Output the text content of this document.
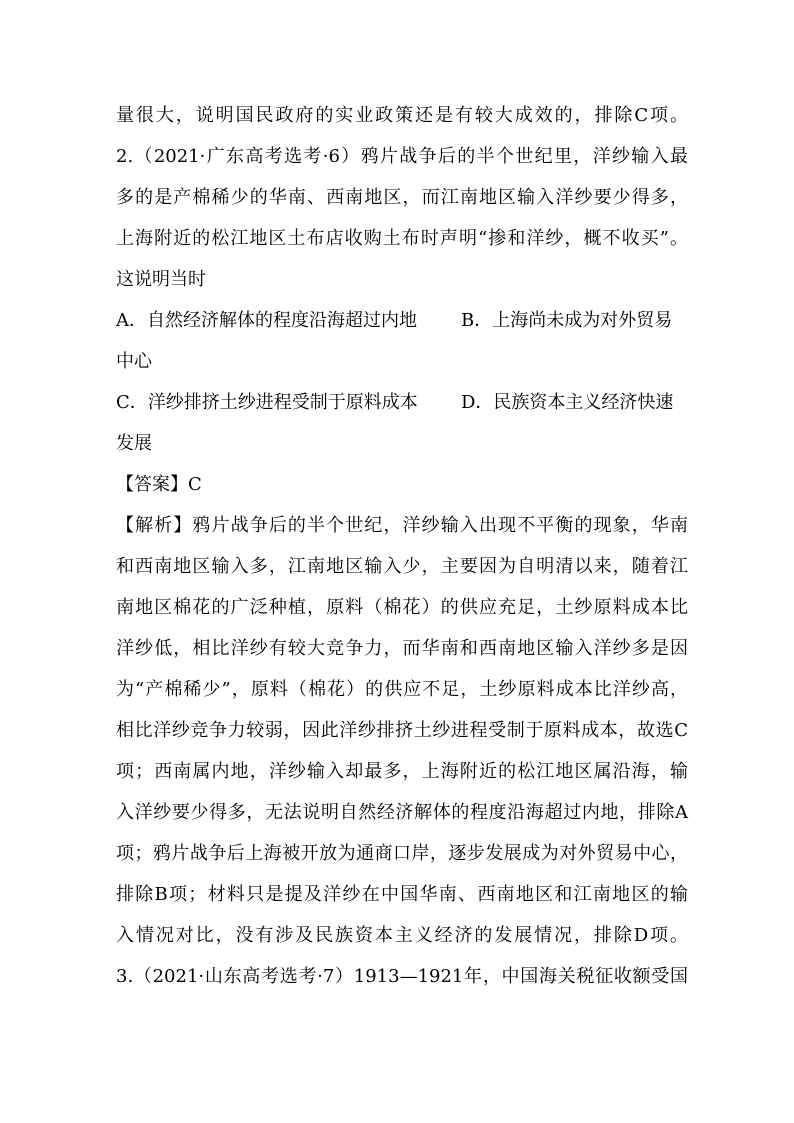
量很大，说明国民政府的实业政策还是有较大成效的，排除C项。
2.（2021·广东高考选考·6）鸦片战争后的半个世纪里，洋纱输入最
多的是产棉稀少的华南、西南地区，而江南地区输入洋纱要少得多，
上海附近的松江地区土布店收购土布时声明“掺和洋纱，概不收买”。
这说明当时
A．自然经济解体的程度沿海超过内地 B．上海尚未成为对外贸易
中心
C．洋纱排挤土纱进程受制于原料成本 D．民族资本主义经济快速
发展
【答案】C
【解析】鸦片战争后的半个世纪，洋纱输入出现不平衡的现象，华南
和西南地区输入多，江南地区输入少，主要因为自明清以来，随着江
南地区棉花的广泛种植，原料（棉花）的供应充足，土纱原料成本比
洋纱低，相比洋纱有较大竞争力，而华南和西南地区输入洋纱多是因
为“产棉稀少”，原料（棉花）的供应不足，土纱原料成本比洋纱高，
相比洋纱竞争力较弱，因此洋纱排挤土纱进程受制于原料成本，故选C
项；西南属内地，洋纱输入却最多，上海附近的松江地区属沿海，输
入洋纱要少得多，无法说明自然经济解体的程度沿海超过内地，排除A
项；鸦片战争后上海被开放为通商口岸，逐步发展成为对外贸易中心，
排除B项；材料只是提及洋纱在中国华南、西南地区和江南地区的输
入情况对比，没有涉及民族资本主义经济的发展情况，排除D项。
3.（2021·山东高考选考·7）1913—1921年，中国海关税征收额受国
